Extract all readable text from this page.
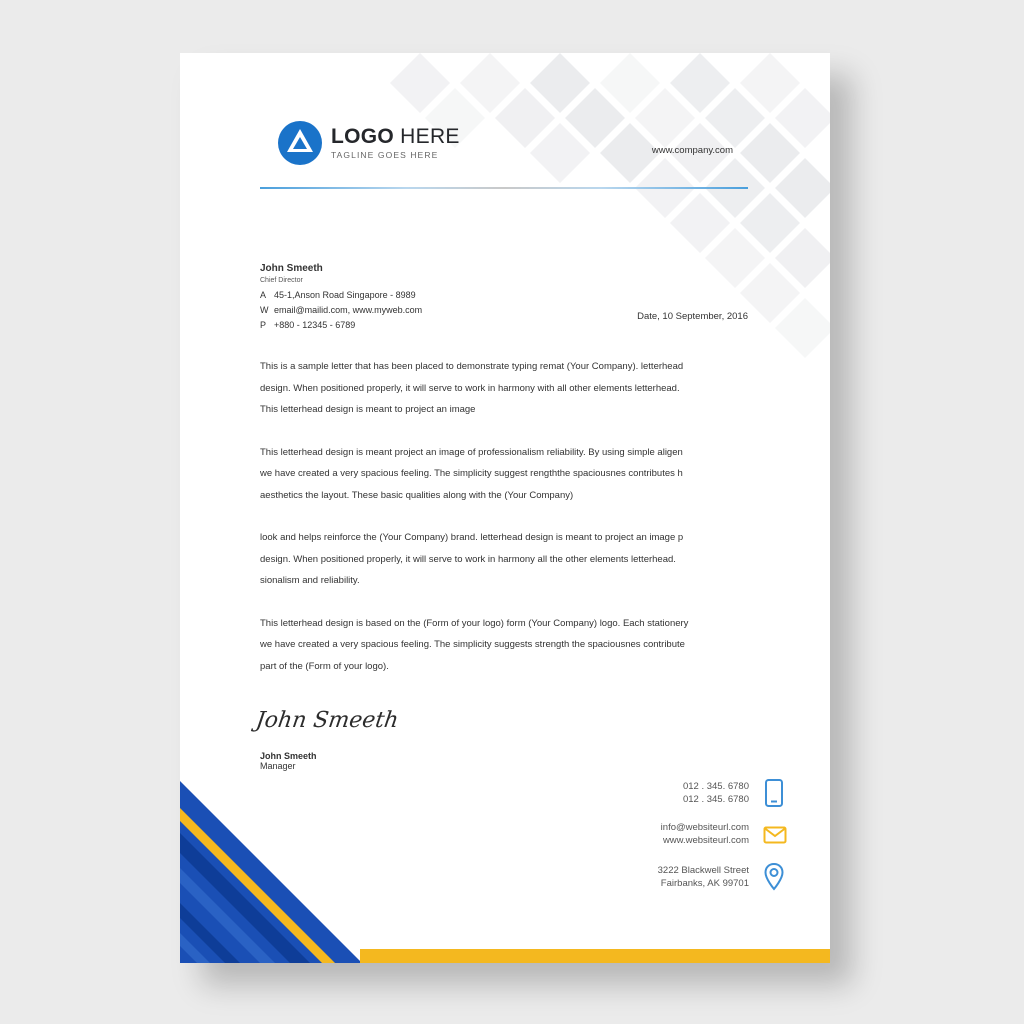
LOGO HERE
TAGLINE GOES HERE	www.company.com
John Smeeth
Chief Director
A 45-1,Anson Road Singapore - 8989
W email@mailid.com, www.myweb.com
P +880 - 12345 - 6789
Date, 10 September, 2016
This is a sample letter that has been placed to demonstrate typing remat (Your Company). letterhead
design. When positioned properly, it will serve to work in harmony with all other elements letterhead.
This letterhead design is meant to project an image
This letterhead design is meant project an image of professionalism reliability. By using simple aligen
we have created a very spacious feeling. The simplicity suggest rengththe spaciousnes contributes h
aesthetics the layout. These basic qualities along with the (Your Company)
look and helps reinforce the (Your Company) brand. letterhead design is meant to project an image p
design. When positioned properly, it will serve to work in harmony all the other elements letterhead.
sionalism and reliability.
This letterhead design is based on the (Form of your logo) form (Your Company) logo. Each stationery
we have created a very spacious feeling. The simplicity suggests strength the spaciousnes contribute
part of the (Form of your logo).
John Smeeth
John Smeeth
Manager
012 . 345. 6780
012 . 345. 6780
info@websiteurl.com
www.websiteurl.com
3222 Blackwell Street
Fairbanks, AK 99701
